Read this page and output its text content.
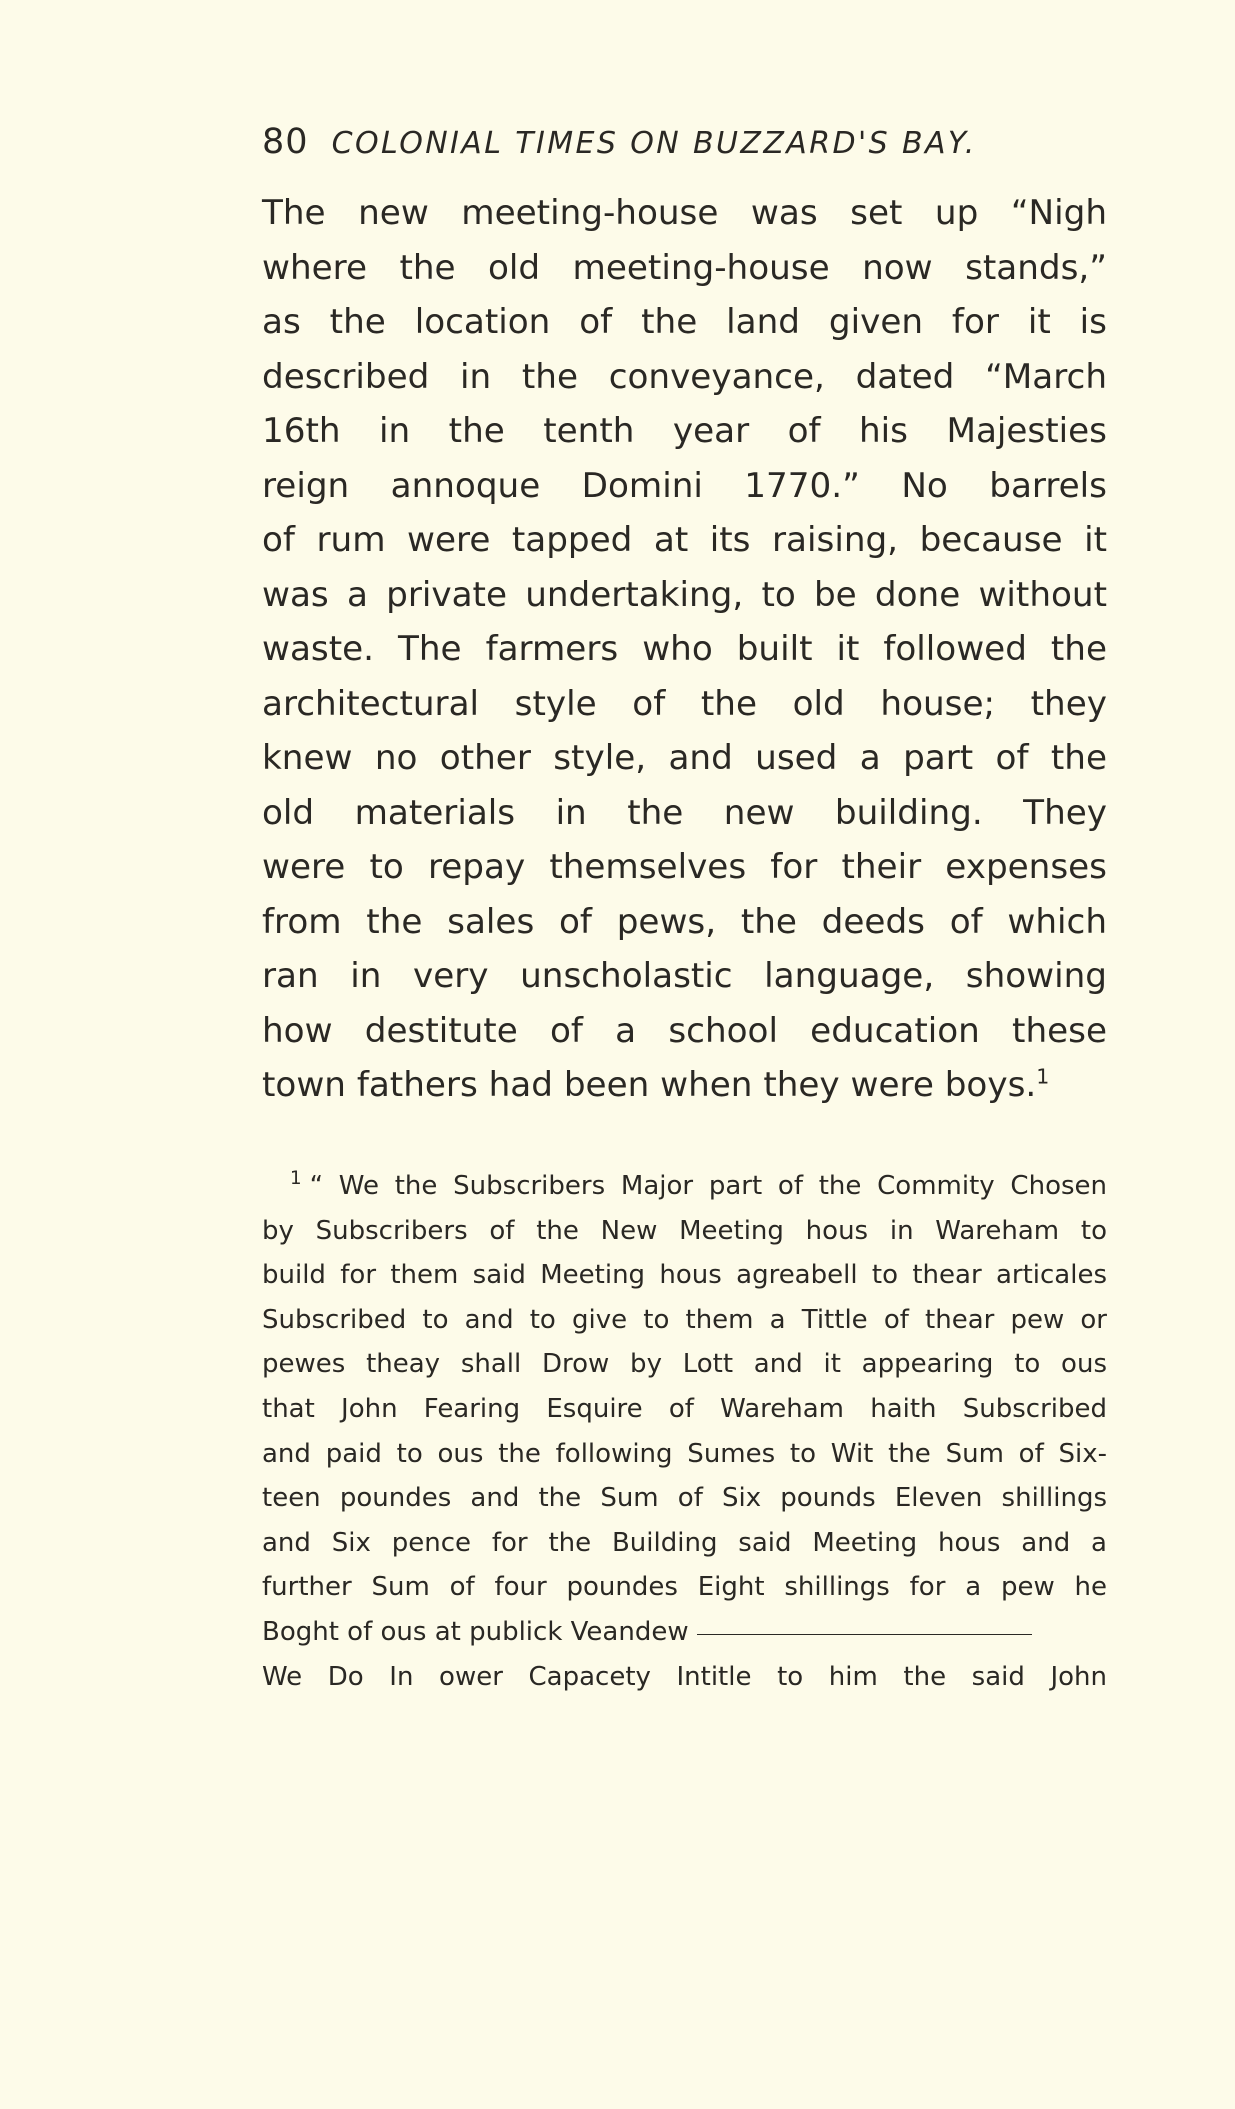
80 COLONIAL TIMES ON BUZZARD'S BAY.
The new meeting-house was set up “Nigh
where the old meeting-house now stands,”
as the location of the land given for it is
described in the conveyance, dated “March
16th in the tenth year of his Majesties
reign annoque Domini 1770.” No barrels
of rum were tapped at its raising, because it
was a private undertaking, to be done without
waste. The farmers who built it followed the
architectural style of the old house; they
knew no other style, and used a part of the
old materials in the new building. They
were to repay themselves for their expenses
from the sales of pews, the deeds of which
ran in very unscholastic language, showing
how destitute of a school education these
town fathers had been when they were boys.$^1$
$^1$ “ We the Subscribers Major part of the Commity Chosen
by Subscribers of the New Meeting hous in Wareham to
build for them said Meeting hous agreabell to thear articales
Subscribed to and to give to them a Tittle of thear pew or
pewes theay shall Drow by Lott and it appearing to ous
that John Fearing Esquire of Wareham haith Subscribed
and paid to ous the following Sumes to Wit the Sum of Six-
teen poundes and the Sum of Six pounds Eleven shillings
and Six pence for the Building said Meeting hous and a
further Sum of four poundes Eight shillings for a pew he
Boght of ous at publick Veandew
We Do In ower Capacety Intitle to him the said John
